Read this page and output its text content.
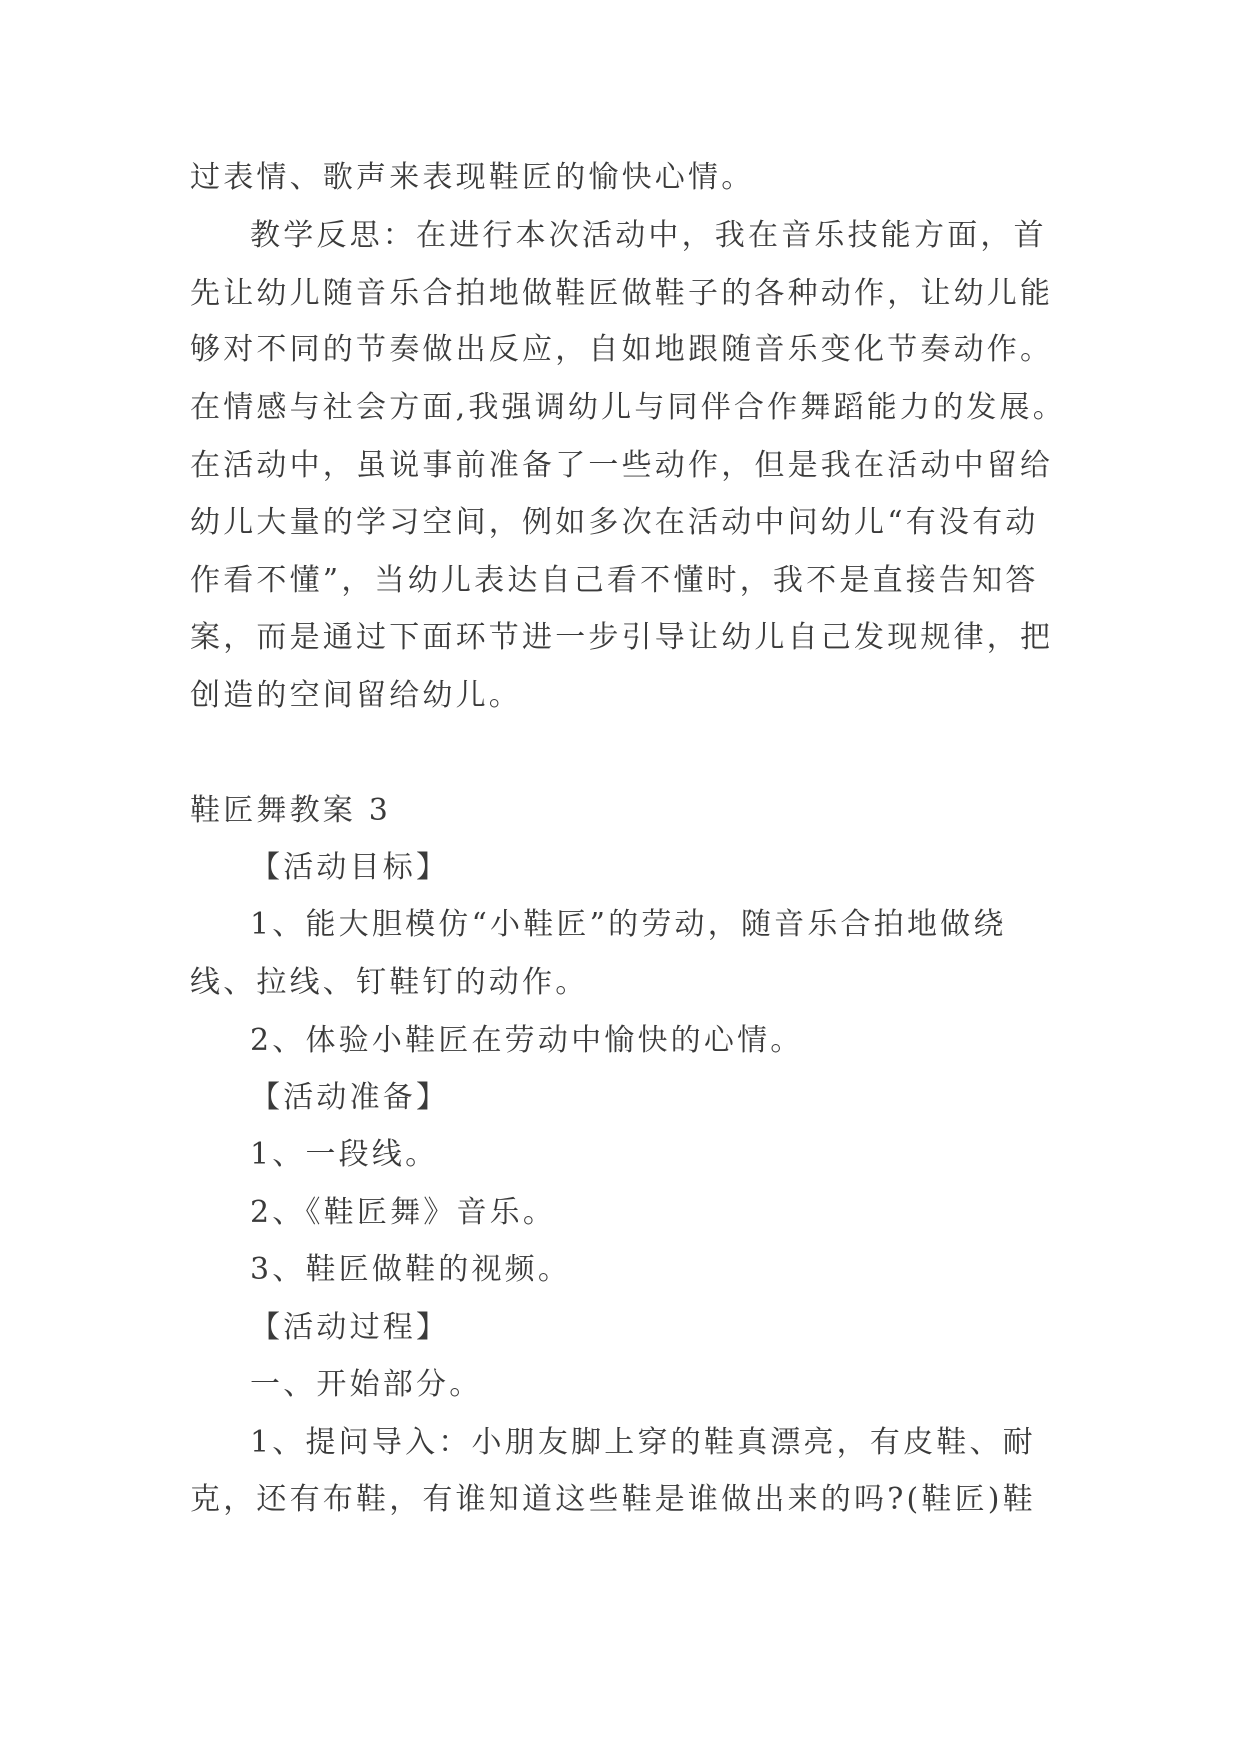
过表情、歌声来表现鞋匠的愉快心情。
教学反思：在进行本次活动中，我在音乐技能方面，首
先让幼儿随音乐合拍地做鞋匠做鞋子的各种动作，让幼儿能
够对不同的节奏做出反应，自如地跟随音乐变化节奏动作。
在情感与社会方面,我强调幼儿与同伴合作舞蹈能力的发展。
在活动中，虽说事前准备了一些动作，但是我在活动中留给
幼儿大量的学习空间，例如多次在活动中问幼儿“有没有动
作看不懂”，当幼儿表达自己看不懂时，我不是直接告知答
案，而是通过下面环节进一步引导让幼儿自己发现规律，把
创造的空间留给幼儿。
鞋匠舞教案 3
【活动目标】
1、能大胆模仿“小鞋匠”的劳动，随音乐合拍地做绕
线、拉线、钉鞋钉的动作。
2、体验小鞋匠在劳动中愉快的心情。
【活动准备】
1、一段线。
2、《鞋匠舞》音乐。
3、鞋匠做鞋的视频。
【活动过程】
一、开始部分。
1、提问导入：小朋友脚上穿的鞋真漂亮，有皮鞋、耐
克，还有布鞋，有谁知道这些鞋是谁做出来的吗?(鞋匠)鞋
